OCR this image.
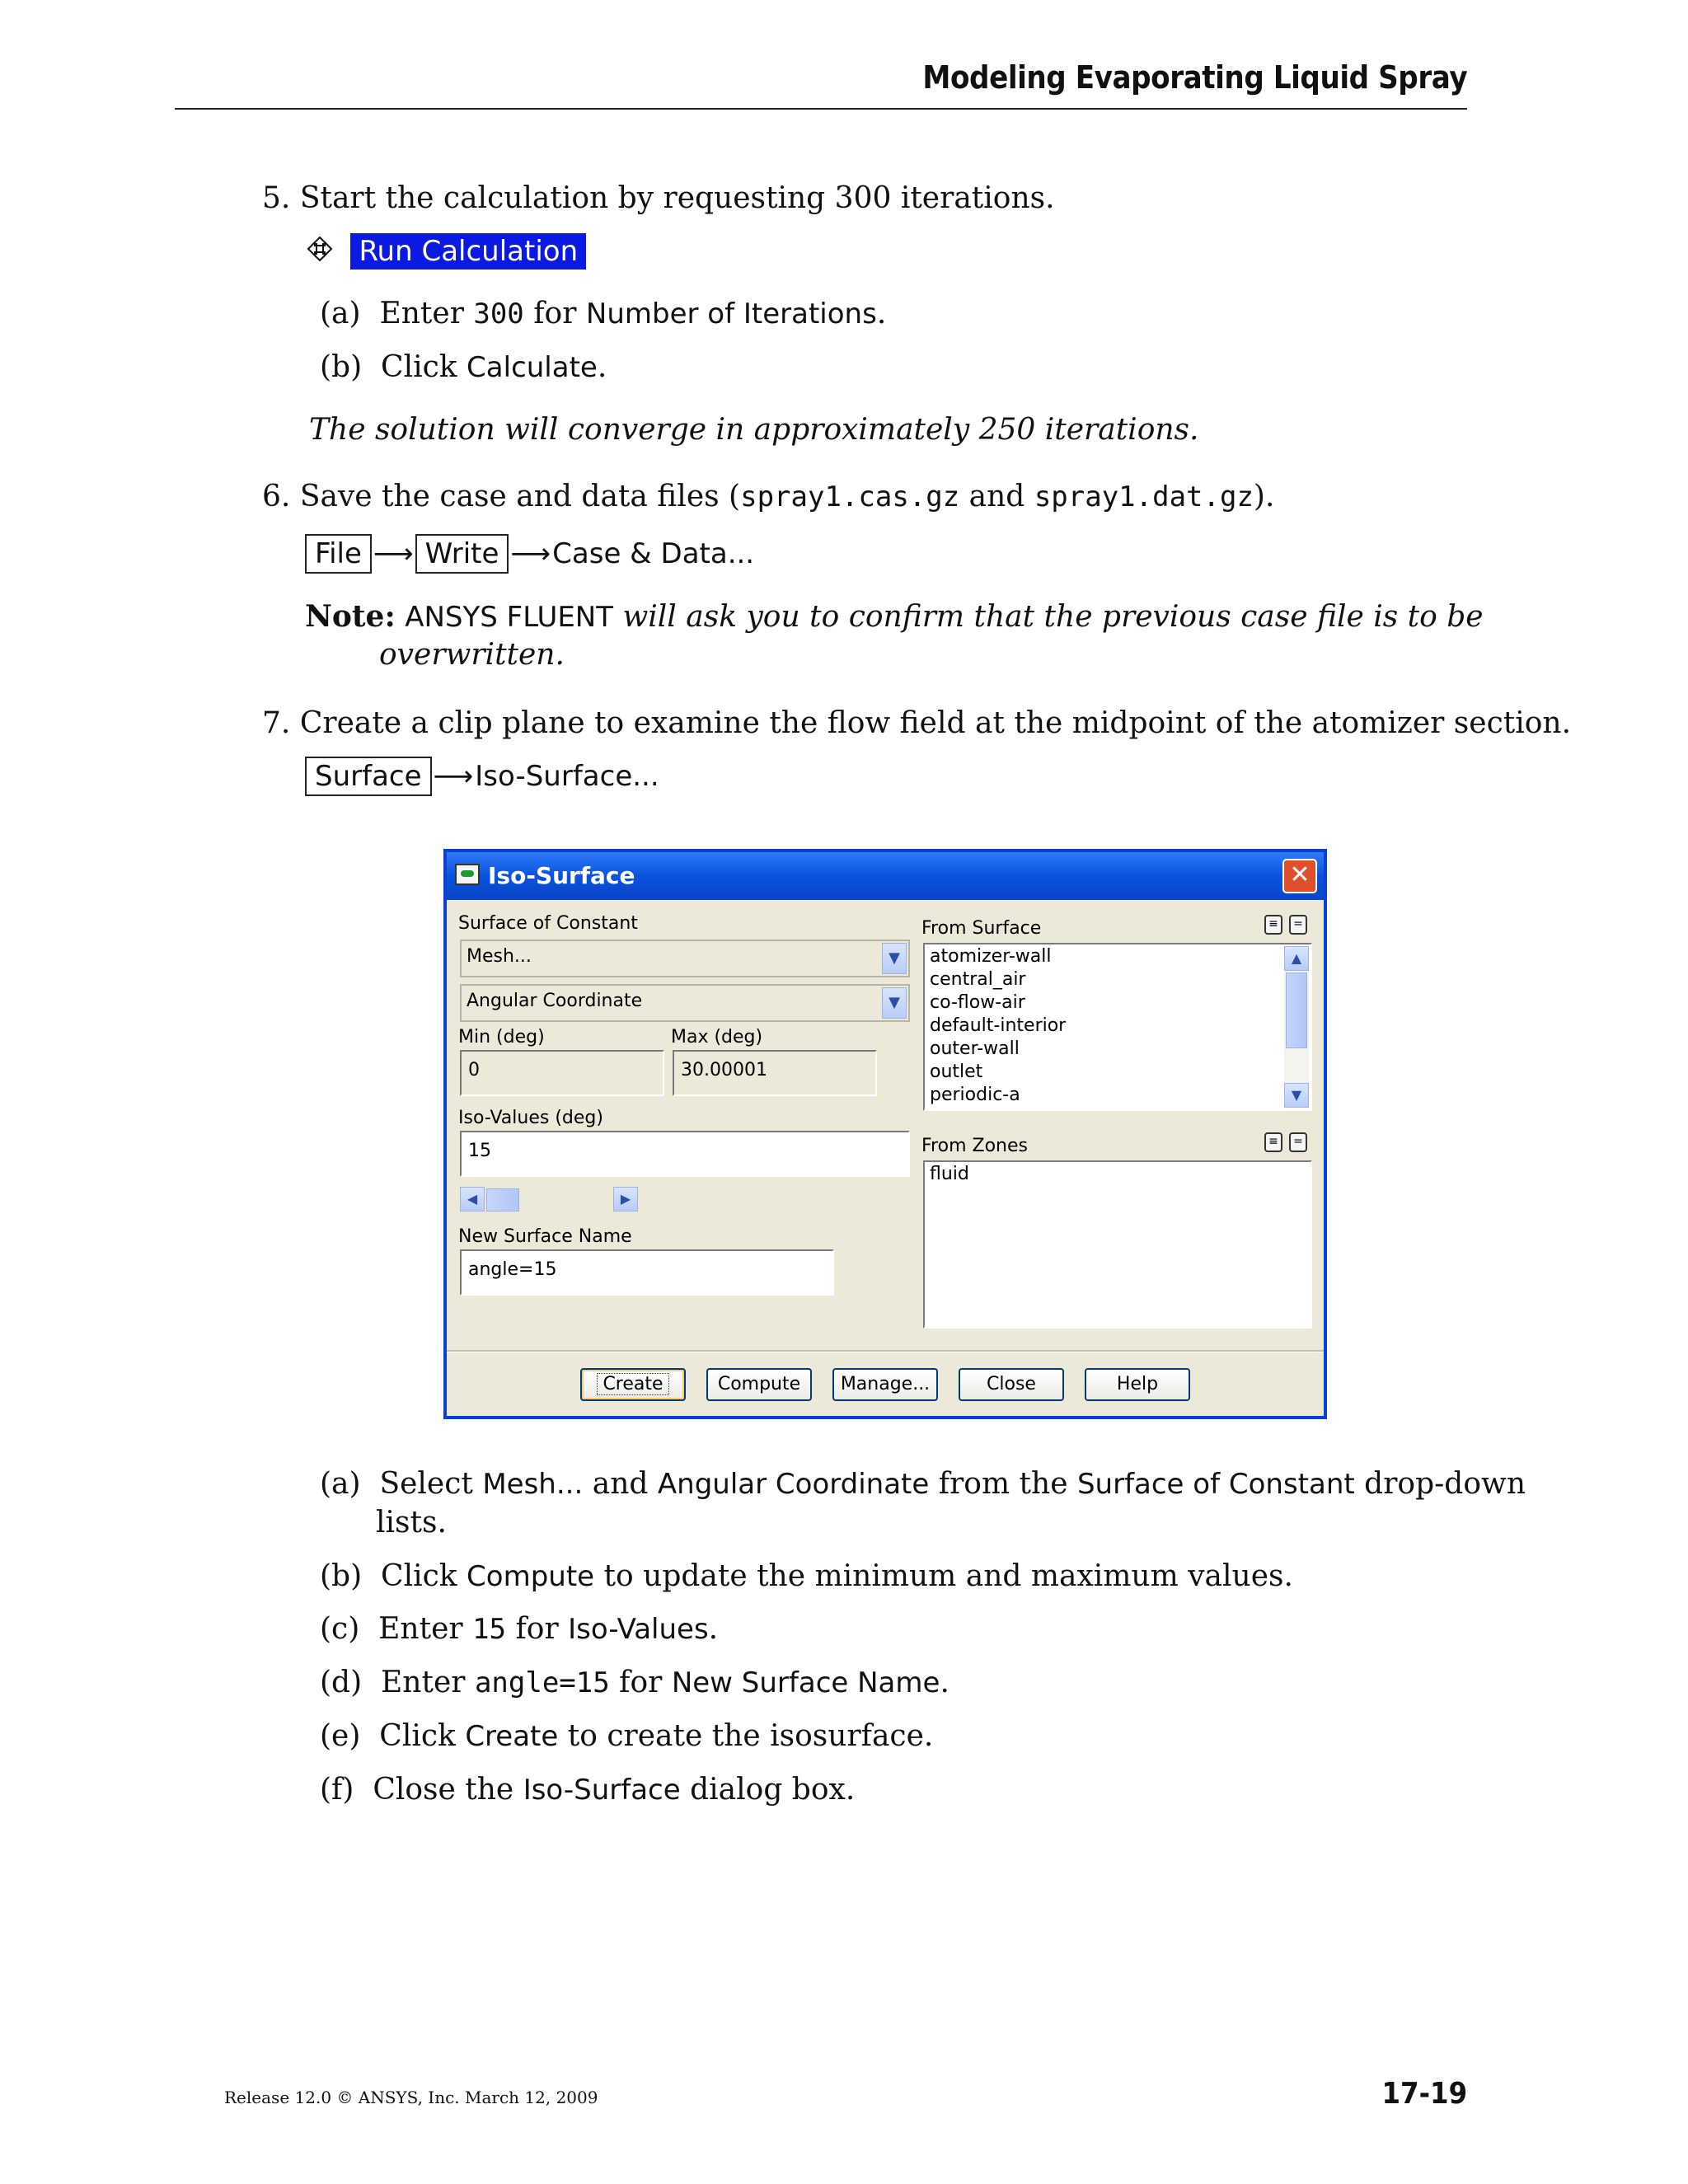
Modeling Evaporating Liquid Spray
5. Start the calculation by requesting 300 iterations.
Run Calculation
(a) Enter 300 for Number of Iterations.
(b) Click Calculate.
The solution will converge in approximately 250 iterations.
6. Save the case and data files (spray1.cas.gz and spray1.dat.gz).
File ⟶ Write ⟶Case & Data...
Note: ANSYS FLUENT will ask you to confirm that the previous case file is to be
overwritten.
7. Create a clip plane to examine the flow field at the midpoint of the atomizer section.
Surface ⟶Iso-Surface...
Iso-Surface	✕
Surface of Constant
Mesh...	▼
Angular Coordinate	▼
Min (deg)	Max (deg)
0	30.00001
Iso-Values (deg)
15
◀	▶
New Surface Name
angle=15
From Surface	≡	=
atomizer-wall
central_air
co-flow-air
default-interior
outer-wall
outlet
periodic-a
▲
▼
From Zones	≡	=
fluid
Create	Compute	Manage...	Close	Help
(a) Select Mesh... and Angular Coordinate from the Surface of Constant drop-down
lists.
(b) Click Compute to update the minimum and maximum values.
(c) Enter 15 for Iso-Values.
(d) Enter angle=15 for New Surface Name.
(e) Click Create to create the isosurface.
(f) Close the Iso-Surface dialog box.
Release 12.0 © ANSYS, Inc. March 12, 2009	17-19
